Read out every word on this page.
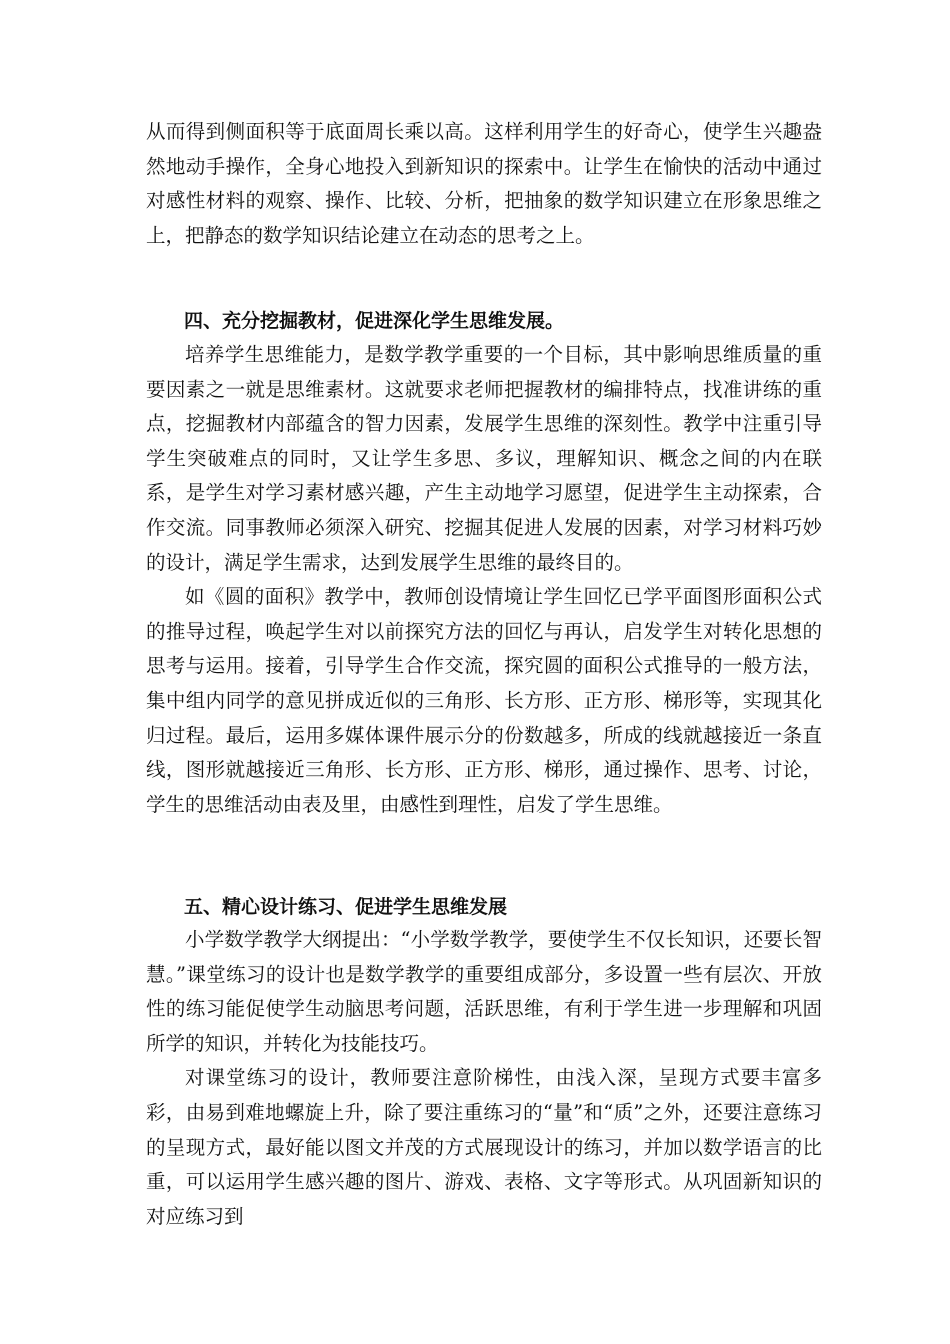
从而得到侧面积等于底面周长乘以高。这样利用学生的好奇心，使学生兴趣盎然地动手操作，全身心地投入到新知识的探索中。让学生在愉快的活动中通过对感性材料的观察、操作、比较、分析，把抽象的数学知识建立在形象思维之上，把静态的数学知识结论建立在动态的思考之上。

四、充分挖掘教材，促进深化学生思维发展。

培养学生思维能力，是数学教学重要的一个目标，其中影响思维质量的重要因素之一就是思维素材。这就要求老师把握教材的编排特点，找准讲练的重点，挖掘教材内部蕴含的智力因素，发展学生思维的深刻性。教学中注重引导学生突破难点的同时，又让学生多思、多议，理解知识、概念之间的内在联系，是学生对学习素材感兴趣，产生主动地学习愿望，促进学生主动探索，合作交流。同事教师必须深入研究、挖掘其促进人发展的因素，对学习材料巧妙的设计，满足学生需求，达到发展学生思维的最终目的。

如《圆的面积》教学中，教师创设情境让学生回忆已学平面图形面积公式的推导过程，唤起学生对以前探究方法的回忆与再认，启发学生对转化思想的思考与运用。接着，引导学生合作交流，探究圆的面积公式推导的一般方法，集中组内同学的意见拼成近似的三角形、长方形、正方形、梯形等，实现其化归过程。最后，运用多媒体课件展示分的份数越多，所成的线就越接近一条直线，图形就越接近三角形、长方形、正方形、梯形，通过操作、思考、讨论，学生的思维活动由表及里，由感性到理性，启发了学生思维。

五、精心设计练习、促进学生思维发展

小学数学教学大纲提出：“小学数学教学，要使学生不仅长知识，还要长智慧。”课堂练习的设计也是数学教学的重要组成部分，多设置一些有层次、开放性的练习能促使学生动脑思考问题，活跃思维，有利于学生进一步理解和巩固所学的知识，并转化为技能技巧。

对课堂练习的设计，教师要注意阶梯性，由浅入深，呈现方式要丰富多彩，由易到难地螺旋上升，除了要注重练习的“量”和“质”之外，还要注意练习的呈现方式，最好能以图文并茂的方式展现设计的练习，并加以数学语言的比重，可以运用学生感兴趣的图片、游戏、表格、文字等形式。从巩固新知识的对应练习到
